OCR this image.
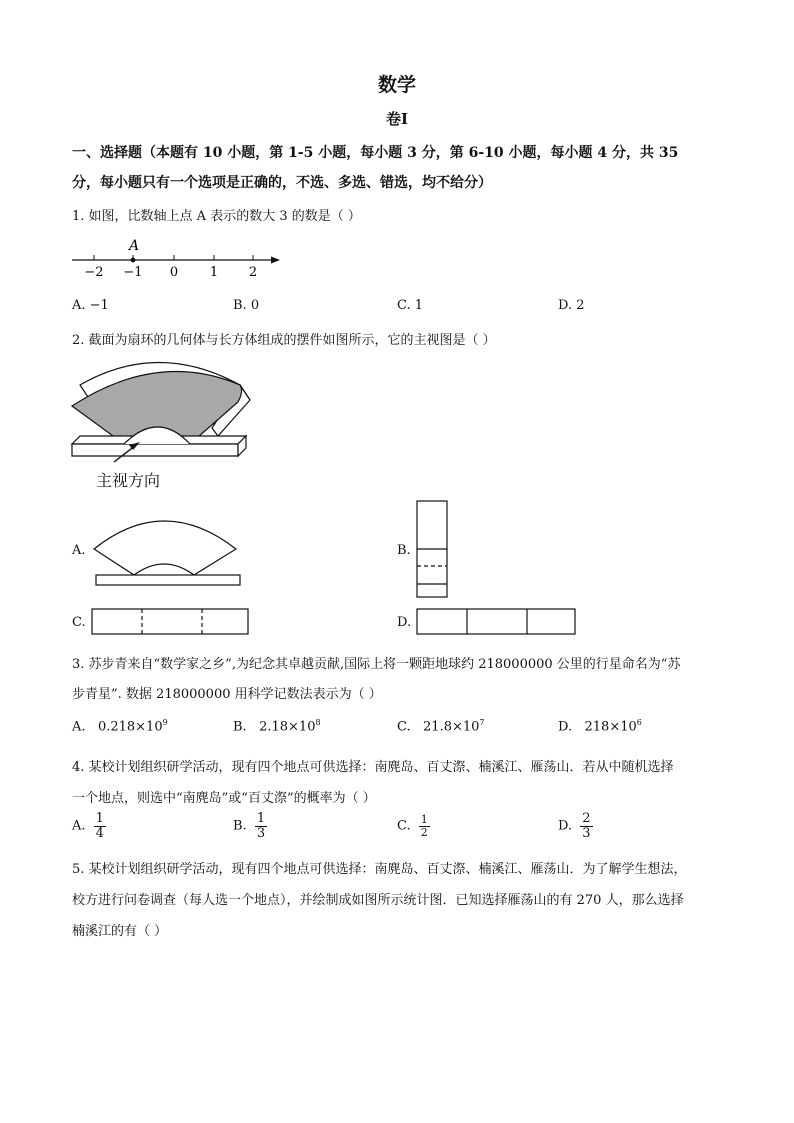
数学
卷I
一、选择题（本题有 10 小题，第 1-5 小题，每小题 3 分，第 6-10 小题，每小题 4 分，共 35
分，每小题只有一个选项是正确的，不选、多选、错选，均不给分）
1. 如图，比数轴上点 A 表示的数大 3 的数是（ ）
A
−2 −1 0 1 2
A. −1	B. 0	C. 1	D. 2
2. 截面为扇环的几何体与长方体组成的摆件如图所示，它的主视图是（ ）
主视方向
A.	B.
C.	D.
3. 苏步青来自“数学家之乡”,为纪念其卓越贡献,国际上将一颗距地球约 218000000 公里的行星命名为“苏
步青星”. 数据 218000000 用科学记数法表示为（ ）
A. $0.218\times 10^9$	B. $2.18\times 10^8$	C. $21.8\times 10^7$	D. $218\times 10^6$
4. 某校计划组织研学活动，现有四个地点可供选择：南麂岛、百丈漈、楠溪江、雁荡山．若从中随机选择
一个地点，则选中“南麂岛”或“百丈漈”的概率为（ ）
A. $\frac{1}{4}$	B. $\frac{1}{3}$	C. $\frac{1}{2}$	D. $\frac{2}{3}$
5. 某校计划组织研学活动，现有四个地点可供选择：南麂岛、百丈漈、楠溪江、雁荡山．为了解学生想法，
校方进行问卷调查（每人选一个地点），并绘制成如图所示统计图．已知选择雁荡山的有 270 人，那么选择
楠溪江的有（ ）
